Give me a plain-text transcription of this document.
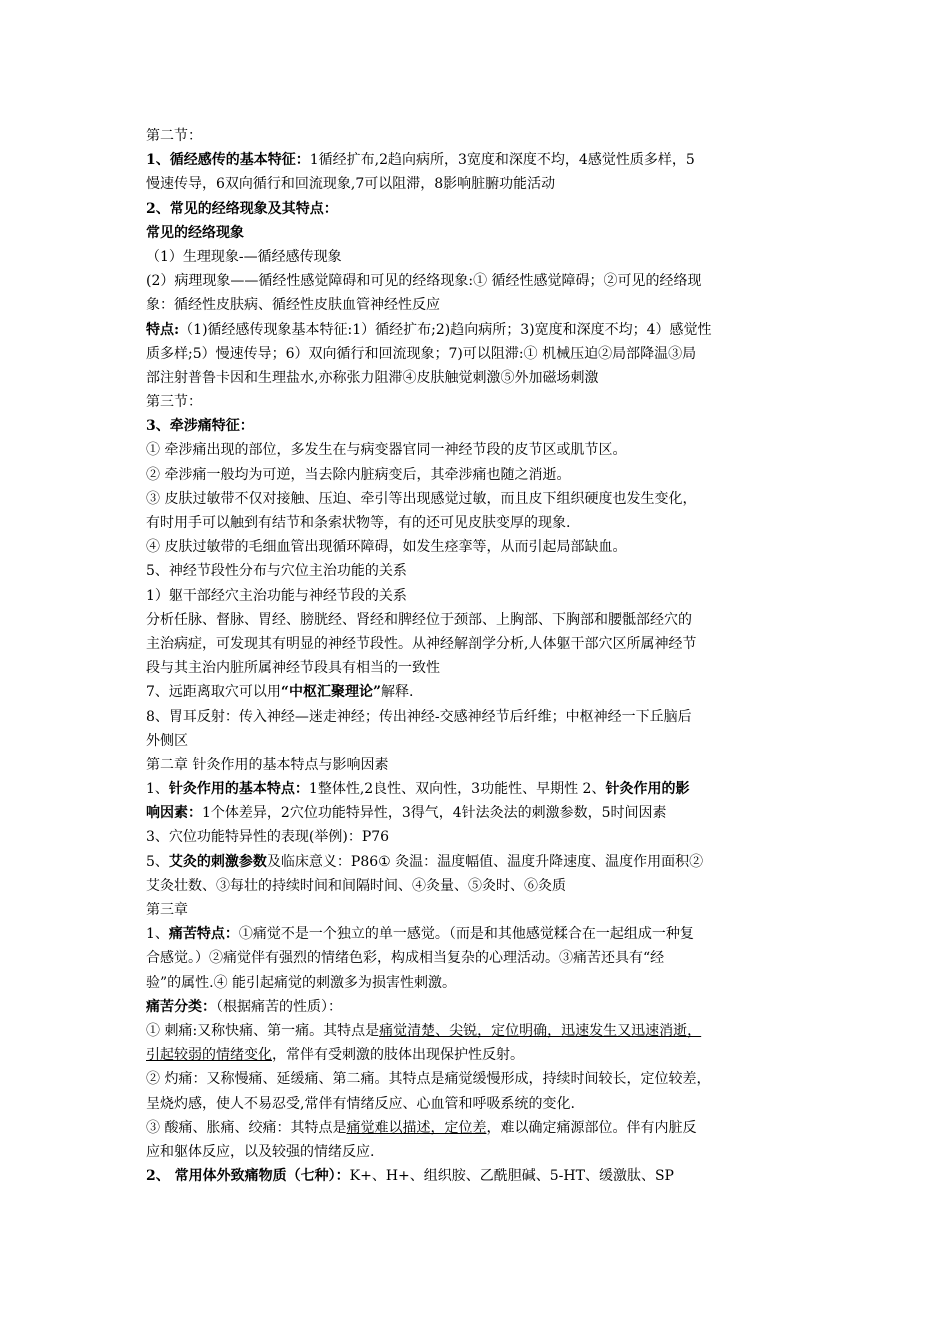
第二节：
1、循经感传的基本特征：1循经扩布,2趋向病所，3宽度和深度不均，4感觉性质多样，5
慢速传导，6双向循行和回流现象,7可以阻滞，8影响脏腑功能活动
2、常见的经络现象及其特点：
常见的经络现象
（1）生理现象-—循经感传现象
(2）病理现象——循经性感觉障碍和可见的经络现象:① 循经性感觉障碍；②可见的经络现
象：循经性皮肤病、循经性皮肤血管神经性反应
特点:（1)循经感传现象基本特征:1）循经扩布;2)趋向病所；3)宽度和深度不均；4）感觉性
质多样;5）慢速传导；6）双向循行和回流现象；7)可以阻滞:① 机械压迫②局部降温③局
部注射普鲁卡因和生理盐水,亦称张力阻滞④皮肤触觉刺激⑤外加磁场刺激
第三节：
3、牵涉痛特征：
① 牵涉痛出现的部位，多发生在与病变器官同一神经节段的皮节区或肌节区。
② 牵涉痛一般均为可逆，当去除内脏病变后，其牵涉痛也随之消逝。
③ 皮肤过敏带不仅对接触、压迫、牵引等出现感觉过敏，而且皮下组织硬度也发生变化，
有时用手可以触到有结节和条索状物等，有的还可见皮肤变厚的现象.
④ 皮肤过敏带的毛细血管出现循环障碍，如发生痉挛等，从而引起局部缺血。
5、神经节段性分布与穴位主治功能的关系
1）躯干部经穴主治功能与神经节段的关系
分析任脉、督脉、胃经、膀胱经、肾经和脾经位于颈部、上胸部、下胸部和腰骶部经穴的
主治病症，可发现其有明显的神经节段性。从神经解剖学分析,人体躯干部穴区所属神经节
段与其主治内脏所属神经节段具有相当的一致性
7、远距离取穴可以用“中枢汇聚理论”解释.
8、胃耳反射：传入神经—迷走神经；传出神经-交感神经节后纤维；中枢神经一下丘脑后
外侧区
第二章 针灸作用的基本特点与影响因素
1、针灸作用的基本特点：1整体性,2良性、双向性，3功能性、早期性 2、针灸作用的影
响因素：1个体差异，2穴位功能特异性，3得气，4针法灸法的刺激参数，5时间因素
3、穴位功能特异性的表现(举例)：P76
5、艾灸的刺激参数及临床意义：P86① 灸温：温度幅值、温度升降速度、温度作用面积②
艾灸壮数、③每壮的持续时间和间隔时间、④灸量、⑤灸时、⑥灸质
第三章
1、痛苦特点：①痛觉不是一个独立的单一感觉。（而是和其他感觉糅合在一起组成一种复
合感觉。）②痛觉伴有强烈的情绪色彩，构成相当复杂的心理活动。③痛苦还具有“经
验”的属性.④ 能引起痛觉的刺激多为损害性刺激。
痛苦分类：（根据痛苦的性质）：
① 刺痛:又称快痛、第一痛。其特点是痛觉清楚、尖锐，定位明确，迅速发生又迅速消逝，
引起较弱的情绪变化，常伴有受刺激的肢体出现保护性反射。
② 灼痛：又称慢痛、延缓痛、第二痛。其特点是痛觉缓慢形成，持续时间较长，定位较差，
呈烧灼感，使人不易忍受,常伴有情绪反应、心血管和呼吸系统的变化.
③ 酸痛、胀痛、绞痛：其特点是痛觉难以描述，定位差，难以确定痛源部位。伴有内脏反
应和躯体反应，以及较强的情绪反应.
2、 常用体外致痛物质（七种）：K+、H+、组织胺、乙酰胆碱、5-HT、缓激肽、SP
